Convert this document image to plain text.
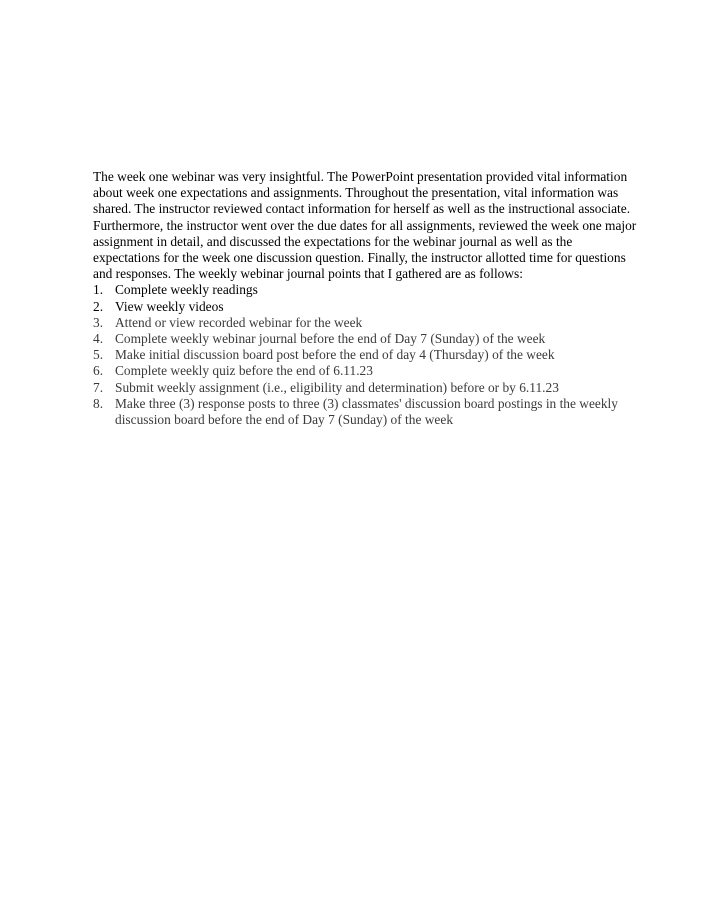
The week one webinar was very insightful. The PowerPoint presentation provided vital information about week one expectations and assignments. Throughout the presentation, vital information was shared. The instructor reviewed contact information for herself as well as the instructional associate. Furthermore, the instructor went over the due dates for all assignments, reviewed the week one major assignment in detail, and discussed the expectations for the webinar journal as well as the expectations for the week one discussion question. Finally, the instructor allotted time for questions and responses. The weekly webinar journal points that I gathered are as follows:

1. Complete weekly readings
2. View weekly videos
3. Attend or view recorded webinar for the week
4. Complete weekly webinar journal before the end of Day 7 (Sunday) of the week
5. Make initial discussion board post before the end of day 4 (Thursday) of the week
6. Complete weekly quiz before the end of 6.11.23
7. Submit weekly assignment (i.e., eligibility and determination) before or by 6.11.23
8. Make three (3) response posts to three (3) classmates' discussion board postings in the weekly discussion board before the end of Day 7 (Sunday) of the week
